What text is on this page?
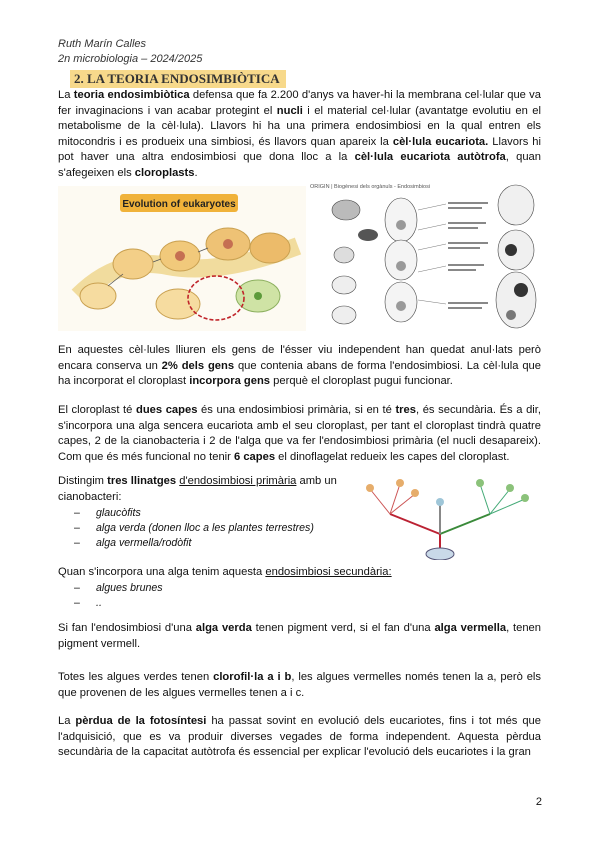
Ruth Marín Calles
2n microbiologia – 2024/2025
2. LA TEORIA ENDOSIMBIÒTICA

La teoria endosimbiòtica defensa que fa 2.200 d'anys va haver-hi la membrana cel·lular que va fer invaginacions i van acabar protegint el nucli i el material cel·lular (avantatge evolutiu en el metabolisme de la cèl·lula). Llavors hi ha una primera endosimbiosi en la qual entren els mitocondris i es produeix una simbiosi, és llavors quan apareix la cèl·lula eucariota. Llavors hi pot haver una altra endosimbiosi que dona lloc a la cèl·lula eucariota autòtrofa, quan s'afegeixen els cloroplasts.

Evolution of eukaryotes
ORIGIN | Biogènesi dels orgànuls - Endosimbiosi

En aquestes cèl·lules lliuren els gens de l'ésser viu independent han quedat anul·lats però encara conserva un 2% dels gens que contenia abans de forma l'endosimbiosi. La cèl·lula que ha incorporat el cloroplast incorpora gens perquè el cloroplast pugui funcionar.

El cloroplast té dues capes és una endosimbiosi primària, si en té tres, és secundària. És a dir, s'incorpora una alga sencera eucariota amb el seu cloroplast, per tant el cloroplast tindrà quatre capes, 2 de la cianobacteria i 2 de l'alga que va fer l'endosimbiosi primària (el nucli desapareix). Com que és més funcional no tenir 6 capes el dinoflagelat redueix les capes del cloroplast.

Distingim tres llinatges d'endosimbiosi primària amb un cianobacteri:

–	glaucòfits
–	alga verda (donen lloc a les plantes terrestres)
–	alga vermella/rodòfit

Quan s'incorpora una alga tenim aquesta endosimbiosi secundària:

–	algues brunes
–	..

Si fan l'endosimbiosi d'una alga verda tenen pigment verd, si el fan d'una alga vermella, tenen pigment vermell.

Totes les algues verdes tenen clorofil·la a i b, les algues vermelles només tenen la a, però els que provenen de les algues vermelles tenen a i c.

La pèrdua de la fotosíntesi ha passat sovint en evolució dels eucariotes, fins i tot més que l'adquisició, que es va produir diverses vegades de forma independent. Aquesta pèrdua secundària de la capacitat autòtrofa és essencial per explicar l'evolució dels eucariotes i la gran

2
